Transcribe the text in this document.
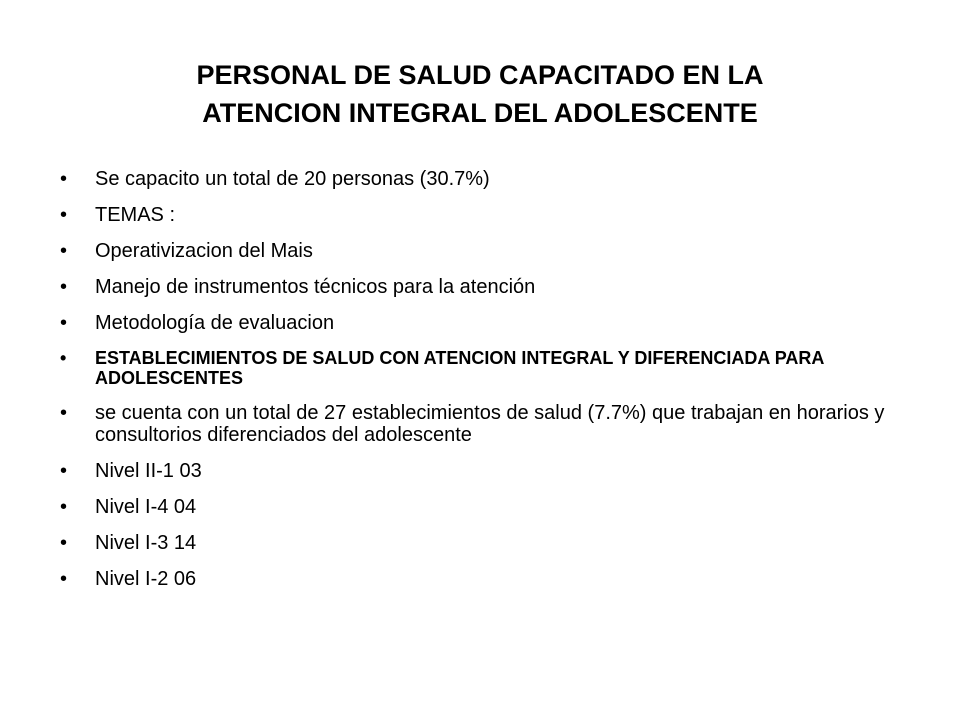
PERSONAL DE SALUD CAPACITADO EN LA
ATENCION INTEGRAL DEL ADOLESCENTE
•	Se capacito un total de 20 personas (30.7%)
•	TEMAS :
•	Operativizacion del Mais
•	Manejo de instrumentos técnicos para la atención
•	Metodología de evaluacion
•	ESTABLECIMIENTOS DE SALUD CON ATENCION INTEGRAL Y DIFERENCIADA PARA ADOLESCENTES
•	se cuenta con un total de 27 establecimientos de salud (7.7%) que trabajan en horarios y consultorios diferenciados del adolescente
•	Nivel II-1 03
•	Nivel I-4 04
•	Nivel I-3 14
•	Nivel I-2 06
